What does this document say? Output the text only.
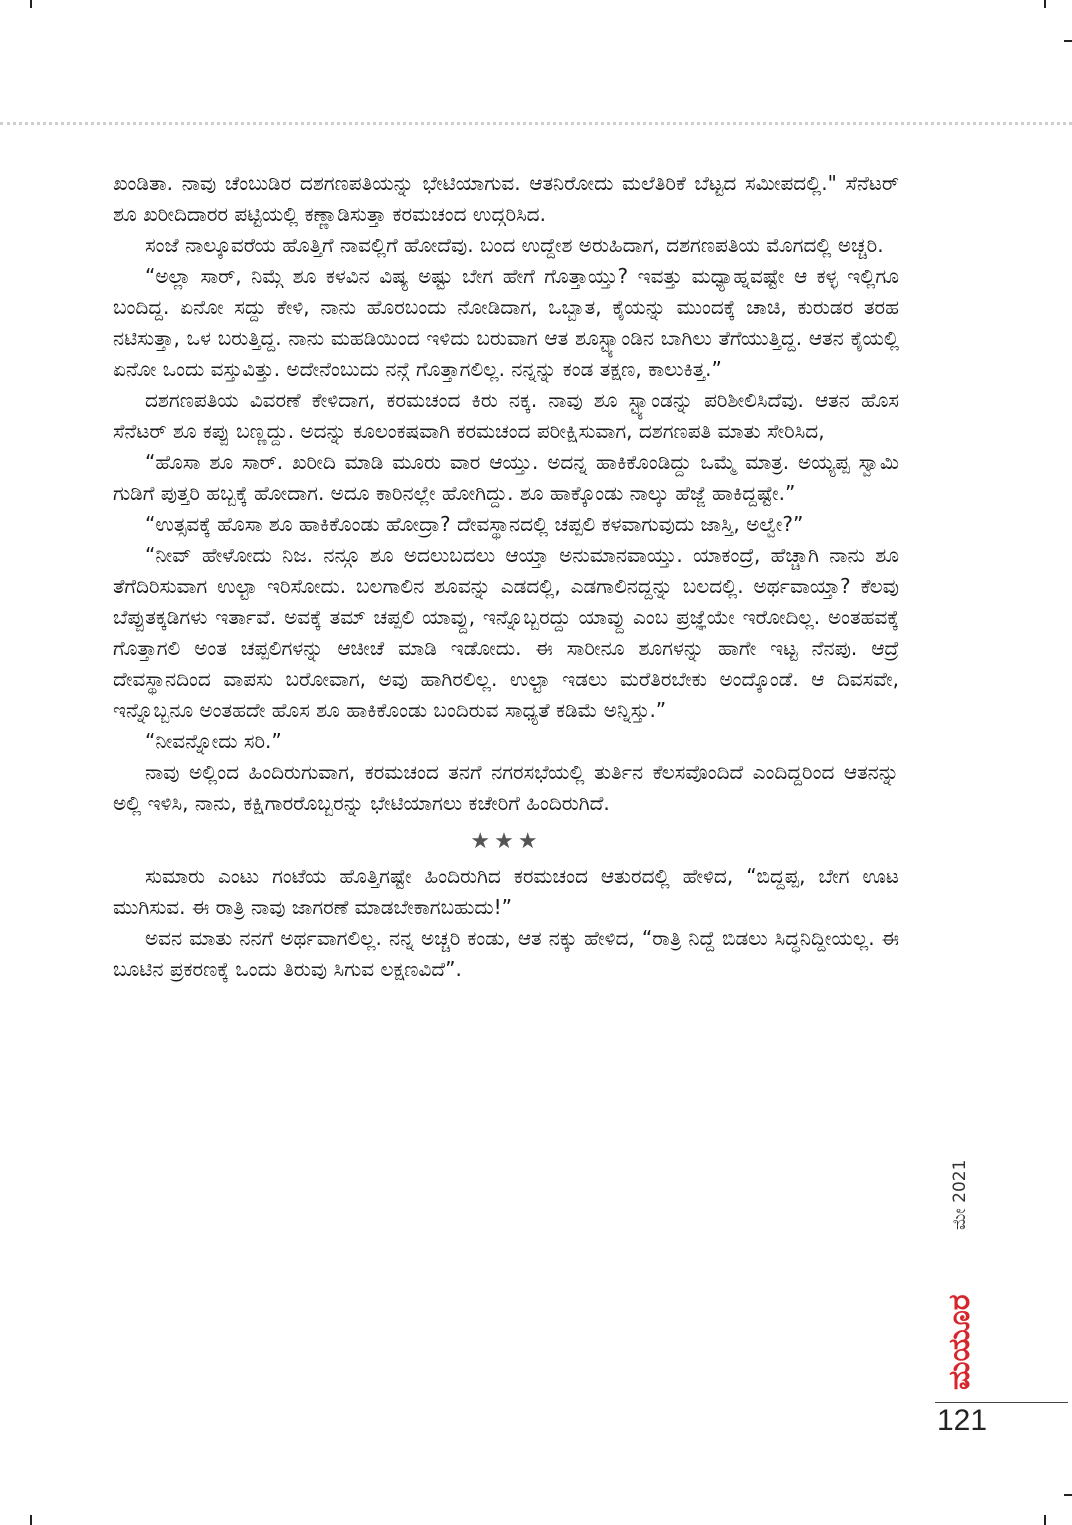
ಖಂಡಿತಾ. ನಾವು ಚೆಂಬುಡಿರ ದಶಗಣಪತಿಯನ್ನು ಭೇಟಿಯಾಗುವ. ಆತನಿರೋದು ಮಲೆತಿರಿಕೆ ಬೆಟ್ಟದ ಸಮೀಪದಲ್ಲಿ." ಸೆನೆಟರ್ ಶೂ ಖರೀದಿದಾರರ ಪಟ್ಟಿಯಲ್ಲಿ ಕಣ್ಣಾಡಿಸುತ್ತಾ ಕರಮಚಂದ ಉದ್ಗರಿಸಿದ.

ಸಂಜೆ ನಾಲ್ಕೂವರೆಯ ಹೊತ್ತಿಗೆ ನಾವಲ್ಲಿಗೆ ಹೋದೆವು. ಬಂದ ಉದ್ದೇಶ ಅರುಹಿದಾಗ, ದಶಗಣಪತಿಯ ಮೊಗದಲ್ಲಿ ಅಚ್ಚರಿ.

“ಅಲ್ಲಾ ಸಾರ್, ನಿಮ್ಗೆ ಶೂ ಕಳವಿನ ವಿಷ್ಯ ಅಷ್ಟು ಬೇಗ ಹೇಗೆ ಗೊತ್ತಾಯ್ತು? ಇವತ್ತು ಮಧ್ಯಾಹ್ನವಷ್ಟೇ ಆ ಕಳ್ಳ ಇಲ್ಲಿಗೂ ಬಂದಿದ್ದ. ಏನೋ ಸದ್ದು ಕೇಳಿ, ನಾನು ಹೊರಬಂದು ನೋಡಿದಾಗ, ಒಬ್ಬಾತ, ಕೈಯನ್ನು ಮುಂದಕ್ಕೆ ಚಾಚಿ, ಕುರುಡರ ತರಹ ನಟಿಸುತ್ತಾ, ಒಳ ಬರುತ್ತಿದ್ದ. ನಾನು ಮಹಡಿಯಿಂದ ಇಳಿದು ಬರುವಾಗ ಆತ ಶೂಸ್ಟ್ಯಾಂಡಿನ ಬಾಗಿಲು ತೆಗೆಯುತ್ತಿದ್ದ. ಆತನ ಕೈಯಲ್ಲಿ ಏನೋ ಒಂದು ವಸ್ತುವಿತ್ತು. ಅದೇನೆಂಬುದು ನನ್ಗೆ ಗೊತ್ತಾಗಲಿಲ್ಲ. ನನ್ನನ್ನು ಕಂಡ ತಕ್ಷಣ, ಕಾಲುಕಿತ್ತ.”

ದಶಗಣಪತಿಯ ವಿವರಣೆ ಕೇಳಿದಾಗ, ಕರಮಚಂದ ಕಿರು ನಕ್ಕ. ನಾವು ಶೂ ಸ್ಟ್ಯಾಂಡನ್ನು ಪರಿಶೀಲಿಸಿದೆವು. ಆತನ ಹೊಸ ಸೆನೆಟರ್ ಶೂ ಕಪ್ಪು ಬಣ್ಣದ್ದು. ಅದನ್ನು ಕೂಲಂಕಷವಾಗಿ ಕರಮಚಂದ ಪರೀಕ್ಷಿಸುವಾಗ, ದಶಗಣಪತಿ ಮಾತು ಸೇರಿಸಿದ,

“ಹೊಸಾ ಶೂ ಸಾರ್. ಖರೀದಿ ಮಾಡಿ ಮೂರು ವಾರ ಆಯ್ತು. ಅದನ್ನ ಹಾಕಿಕೊಂಡಿದ್ದು ಒಮ್ಮೆ ಮಾತ್ರ. ಅಯ್ಯಪ್ಪ ಸ್ವಾಮಿ ಗುಡಿಗೆ ಪುತ್ತರಿ ಹಬ್ಬಕ್ಕೆ ಹೋದಾಗ. ಅದೂ ಕಾರಿನಲ್ಲೇ ಹೋಗಿದ್ದು. ಶೂ ಹಾಕ್ಕೊಂಡು ನಾಲ್ಕು ಹೆಜ್ಜೆ ಹಾಕಿದ್ದಷ್ಟೇ.”

“ಉತ್ಸವಕ್ಕೆ ಹೊಸಾ ಶೂ ಹಾಕಿಕೊಂಡು ಹೋದ್ರಾ? ದೇವಸ್ಥಾನದಲ್ಲಿ ಚಪ್ಪಲಿ ಕಳವಾಗುವುದು ಜಾಸ್ತಿ, ಅಲ್ವೇ?”

“ನೀವ್ ಹೇಳೋದು ನಿಜ. ನನ್ಗೂ ಶೂ ಅದಲುಬದಲು ಆಯ್ತಾ ಅನುಮಾನವಾಯ್ತು. ಯಾಕಂದ್ರೆ, ಹೆಚ್ಚಾಗಿ ನಾನು ಶೂ ತೆಗೆದಿರಿಸುವಾಗ ಉಲ್ಟಾ ಇರಿಸೋದು. ಬಲಗಾಲಿನ ಶೂವನ್ನು ಎಡದಲ್ಲಿ, ಎಡಗಾಲಿನದ್ದನ್ನು ಬಲದಲ್ಲಿ. ಅರ್ಥವಾಯ್ತಾ? ಕೆಲವು ಬೆಪ್ಪುತಕ್ಕಡಿಗಳು ಇರ್ತಾವೆ. ಅವಕ್ಕೆ ತಮ್ ಚಪ್ಪಲಿ ಯಾವ್ದು, ಇನ್ನೊಬ್ಬರದ್ದು ಯಾವ್ದು ಎಂಬ ಪ್ರಜ್ಞೆಯೇ ಇರೋದಿಲ್ಲ. ಅಂತಹವಕ್ಕೆ ಗೊತ್ತಾಗಲಿ ಅಂತ ಚಪ್ಪಲಿಗಳನ್ನು ಆಚೀಚೆ ಮಾಡಿ ಇಡೋದು. ಈ ಸಾರೀನೂ ಶೂಗಳನ್ನು ಹಾಗೇ ಇಟ್ಟ ನೆನಪು. ಆದ್ರೆ ದೇವಸ್ಥಾನದಿಂದ ವಾಪಸು ಬರೋವಾಗ, ಅವು ಹಾಗಿರಲಿಲ್ಲ. ಉಲ್ಟಾ ಇಡಲು ಮರೆತಿರಬೇಕು ಅಂದ್ಕೊಂಡೆ. ಆ ದಿವಸವೇ, ಇನ್ನೊಬ್ಬನೂ ಅಂತಹದೇ ಹೊಸ ಶೂ ಹಾಕಿಕೊಂಡು ಬಂದಿರುವ ಸಾಧ್ಯತೆ ಕಡಿಮೆ ಅನ್ನಿಸ್ತು.”

“ನೀವನ್ನೋದು ಸರಿ.”

ನಾವು ಅಲ್ಲಿಂದ ಹಿಂದಿರುಗುವಾಗ, ಕರಮಚಂದ ತನಗೆ ನಗರಸಭೆಯಲ್ಲಿ ತುರ್ತಿನ ಕೆಲಸವೊಂದಿದೆ ಎಂದಿದ್ದರಿಂದ ಆತನನ್ನು ಅಲ್ಲಿ ಇಳಿಸಿ, ನಾನು, ಕಕ್ಷಿಗಾರರೊಬ್ಬರನ್ನು ಭೇಟಿಯಾಗಲು ಕಚೇರಿಗೆ ಹಿಂದಿರುಗಿದೆ.

★★★

ಸುಮಾರು ಎಂಟು ಗಂಟೆಯ ಹೊತ್ತಿಗಷ್ಟೇ ಹಿಂದಿರುಗಿದ ಕರಮಚಂದ ಆತುರದಲ್ಲಿ ಹೇಳಿದ, “ಬಿದ್ದಪ್ಪ, ಬೇಗ ಊಟ ಮುಗಿಸುವ. ಈ ರಾತ್ರಿ ನಾವು ಜಾಗರಣೆ ಮಾಡಬೇಕಾಗಬಹುದು!”

ಅವನ ಮಾತು ನನಗೆ ಅರ್ಥವಾಗಲಿಲ್ಲ. ನನ್ನ ಅಚ್ಚರಿ ಕಂಡು, ಆತ ನಕ್ಕು ಹೇಳಿದ, “ರಾತ್ರಿ ನಿದ್ದೆ ಬಿಡಲು ಸಿದ್ಧನಿದ್ದೀಯಲ್ಲ. ಈ ಬೂಟಿನ ಪ್ರಕರಣಕ್ಕೆ ಒಂದು ತಿರುವು ಸಿಗುವ ಲಕ್ಷಣವಿದೆ”.

ಮೇ 2021
ಮಯೂರ
121
